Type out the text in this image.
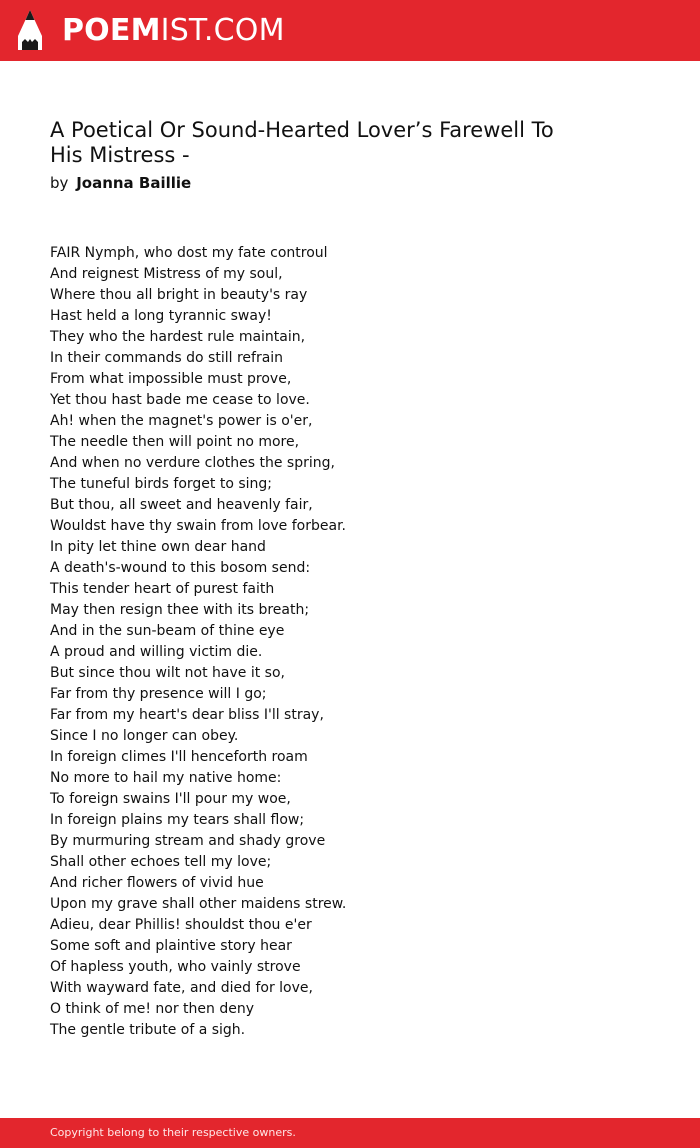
POEMIST.COM
A Poetical Or Sound-Hearted Lover’s Farewell To
His Mistress -
by Joanna Baillie
FAIR Nymph, who dost my fate controul
And reignest Mistress of my soul,
Where thou all bright in beauty's ray
Hast held a long tyrannic sway!
They who the hardest rule maintain,
In their commands do still refrain
From what impossible must prove,
Yet thou hast bade me cease to love.
Ah! when the magnet's power is o'er,
The needle then will point no more,
And when no verdure clothes the spring,
The tuneful birds forget to sing;
But thou, all sweet and heavenly fair,
Wouldst have thy swain from love forbear.
In pity let thine own dear hand
A death's-wound to this bosom send:
This tender heart of purest faith
May then resign thee with its breath;
And in the sun-beam of thine eye
A proud and willing victim die.
But since thou wilt not have it so,
Far from thy presence will I go;
Far from my heart's dear bliss I'll stray,
Since I no longer can obey.
In foreign climes I'll henceforth roam
No more to hail my native home:
To foreign swains I'll pour my woe,
In foreign plains my tears shall flow;
By murmuring stream and shady grove
Shall other echoes tell my love;
And richer flowers of vivid hue
Upon my grave shall other maidens strew.
Adieu, dear Phillis! shouldst thou e'er
Some soft and plaintive story hear
Of hapless youth, who vainly strove
With wayward fate, and died for love,
O think of me! nor then deny
The gentle tribute of a sigh.
Copyright belong to their respective owners.
